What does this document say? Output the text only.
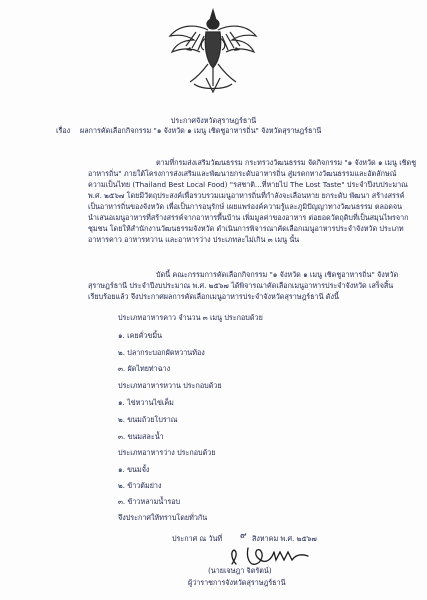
ประกาศจังหวัดสุราษฎร์ธานี
เรื่อง ผลการคัดเลือกกิจกรรม "๑ จังหวัด ๑ เมนู เชิดชูอาหารถิ่น" จังหวัดสุราษฎร์ธานี
ตามที่กรมส่งเสริมวัฒนธรรม กระทรวงวัฒนธรรม จัดกิจกรรม "๑ จังหวัด ๑ เมนู เชิดชู
อาหารถิ่น" ภายใต้โครงการส่งเสริมและพัฒนายกระดับอาหารถิ่น สู่มรดกทางวัฒนธรรมและอัตลักษณ์
ความเป็นไทย (Thailand Best Local Food) "รสชาติ...ที่หายไป The Lost Taste" ประจำปีงบประมาณ
พ.ศ. ๒๕๖๗ โดยมีวัตถุประสงค์เพื่อรวบรวมเมนูอาหารถิ่นที่กำลังจะเลือนหาย ยกระดับ พัฒนา สร้างสรรค์
เป็นอาหารถิ่นของจังหวัด เพื่อเป็นการอนุรักษ์ เผยแพร่องค์ความรู้และภูมิปัญญาทางวัฒนธรรม ตลอดจน
นำเสนอเมนูอาหารที่สร้างสรรค์จากอาหารพื้นบ้าน เพิ่มมูลค่าของอาหาร ต่อยอดวัตถุดิบที่เป็นสมุนไพรจาก
ชุมชน โดยให้สำนักงานวัฒนธรรมจังหวัด ดำเนินการพิจารณาคัดเลือกเมนูอาหารประจำจังหวัด ประเภท
อาหารคาว อาหารหวาน และอาหารว่าง ประเภทละไม่เกิน ๓ เมนู นั้น
บัดนี้ คณะกรรมการคัดเลือกกิจกรรม "๑ จังหวัด ๑ เมนู เชิดชูอาหารถิ่น" จังหวัด
สุราษฎร์ธานี ประจำปีงบประมาณ พ.ศ. ๒๕๖๗ ได้พิจารณาคัดเลือกเมนูอาหารประจำจังหวัด เสร็จสิ้น
เรียบร้อยแล้ว จึงประกาศผลการคัดเลือกเมนูอาหารประจำจังหวัดสุราษฎร์ธานี ดังนี้
ประเภทอาหารคาว จำนวน ๓ เมนู ประกอบด้วย
๑. เคยคั่วขมิ้น
๒. ปลากระบอกผัดหวานท้อง
๓. ผัดไทยท่าฉาง
ประเภทอาหารหวาน ประกอบด้วย
๑. ไข่หวานไข่เค็ม
๒. ขนมถ้วยโบราณ
๓. ขนมสละน้ำ
ประเภทอาหารว่าง ประกอบด้วย
๑. ขนมจั้ง
๒. ข้าวต้มย่าง
๓. ข้าวหลามน้ำรอบ
จึงประกาศให้ทราบโดยทั่วกัน
ประกาศ ณ วันที่ ๙ สิงหาคม พ.ศ. ๒๕๖๗
(นายเจษฎา จิตรัตน์)
ผู้ว่าราชการจังหวัดสุราษฎร์ธานี
